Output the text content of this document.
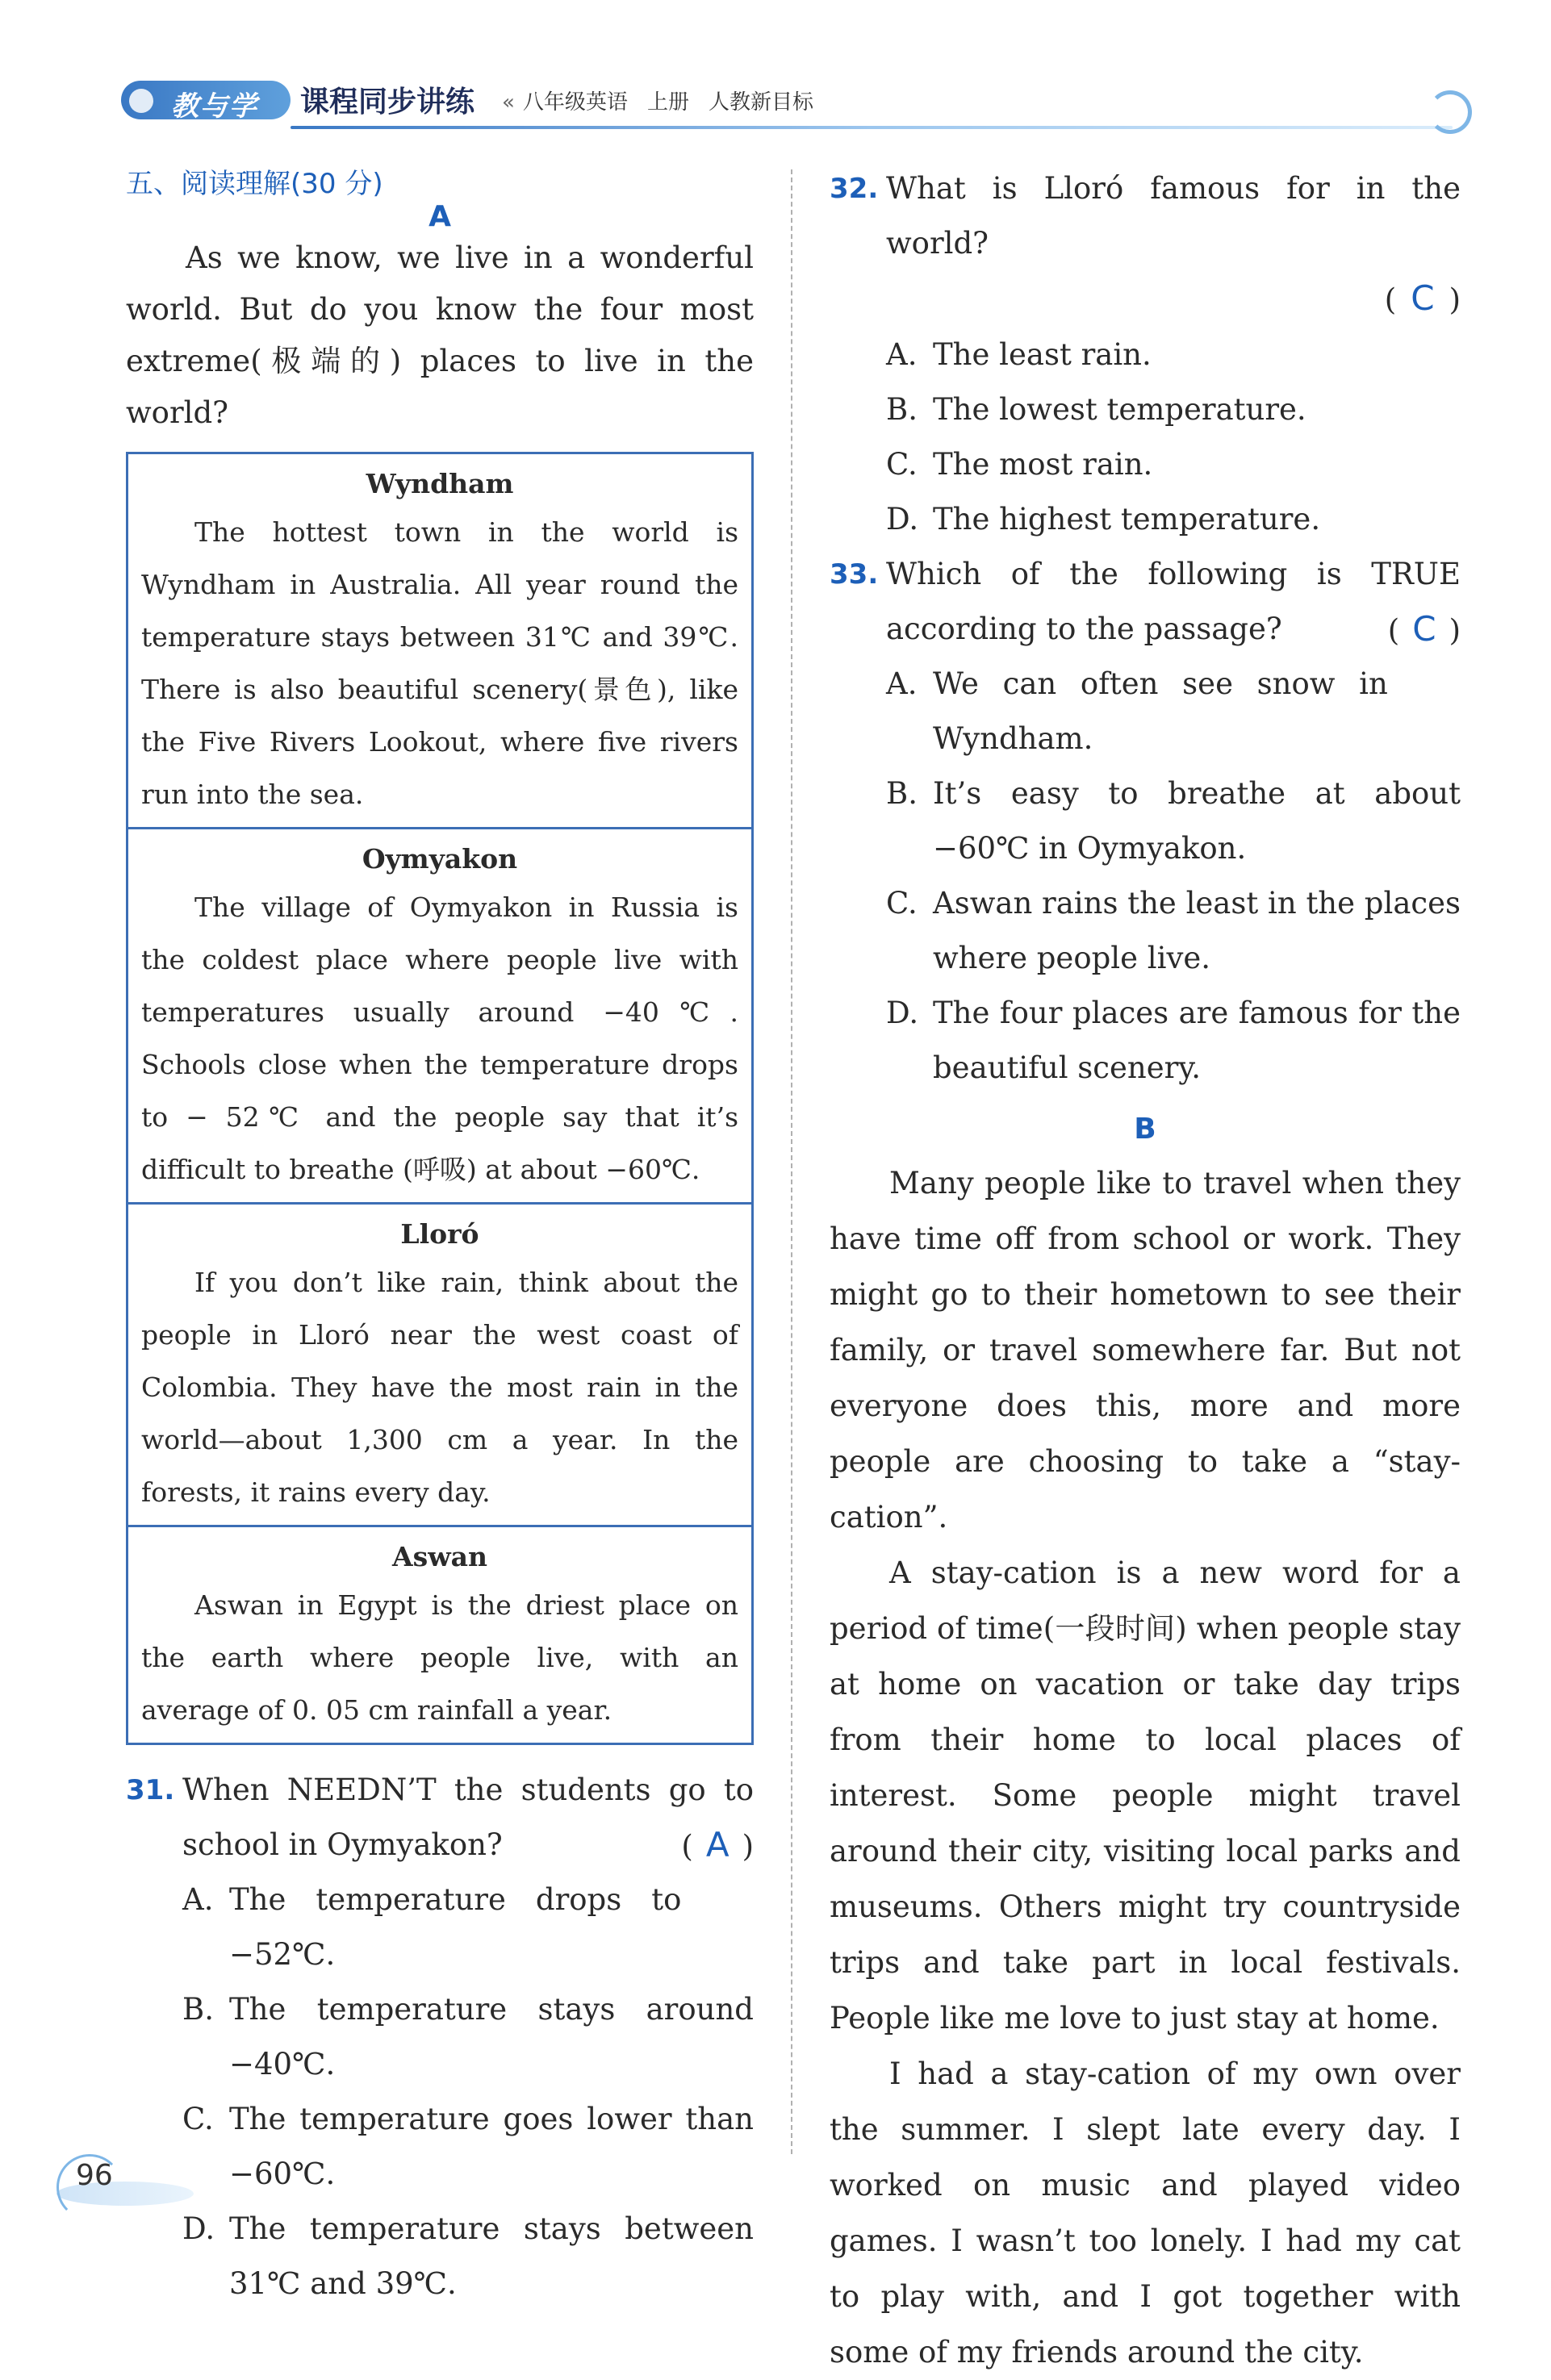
教与学 课程同步讲练 « 八年级英语 上册 人教新目标
五、阅读理解(30 分)
A

As we know, we live in a wonderful world. But do you know the four most extreme(极端的) places to live in the world?

Wyndham

The hottest town in the world is Wyndham in Australia. All year round the temperature stays between 31℃ and 39℃. There is also beautiful scenery(景色), like the Five Rivers Lookout, where five rivers run into the sea.

Oymyakon

The village of Oymyakon in Russia is the coldest place where people live with temperatures usually around −40℃. Schools close when the temperature drops to − 52℃ and the people say that it’s difficult to breathe (呼吸) at about −60℃.

Lloró

If you don’t like rain, think about the people in Lloró near the west coast of Colombia. They have the most rain in the world—about 1,300 cm a year. In the forests, it rains every day.

Aswan

Aswan in Egypt is the driest place on the earth where people live, with an average of 0. 05 cm rainfall a year.

31. When NEEDN’T the students go to school in Oymyakon?	( A )
A. The temperature drops to −52℃.
B. The temperature stays around −40℃.
C. The temperature goes lower than −60℃.
D. The temperature stays between 31℃ and 39℃.
32. What is Lloró famous for in the world?
( C )
A. The least rain.
B. The lowest temperature.
C. The most rain.
D. The highest temperature.
33. Which of the following is TRUE according to the passage?	( C )
A. We can often see snow in Wyndham.
B. It’s easy to breathe at about −60℃ in Oymyakon.
C. Aswan rains the least in the places where people live.
D. The four places are famous for the beautiful scenery.
B

Many people like to travel when they have time off from school or work. They might go to their hometown to see their family, or travel somewhere far. But not everyone does this, more and more people are choosing to take a “stay-cation”.

A stay-cation is a new word for a period of time(一段时间) when people stay at home on vacation or take day trips from their home to local places of interest. Some people might travel around their city, visiting local parks and museums. Others might try countryside trips and take part in local festivals. People like me love to just stay at home.

I had a stay-cation of my own over the summer. I slept late every day. I worked on music and played video games. I wasn’t too lonely. I had my cat to play with, and I got together with some of my friends around the city.

96
